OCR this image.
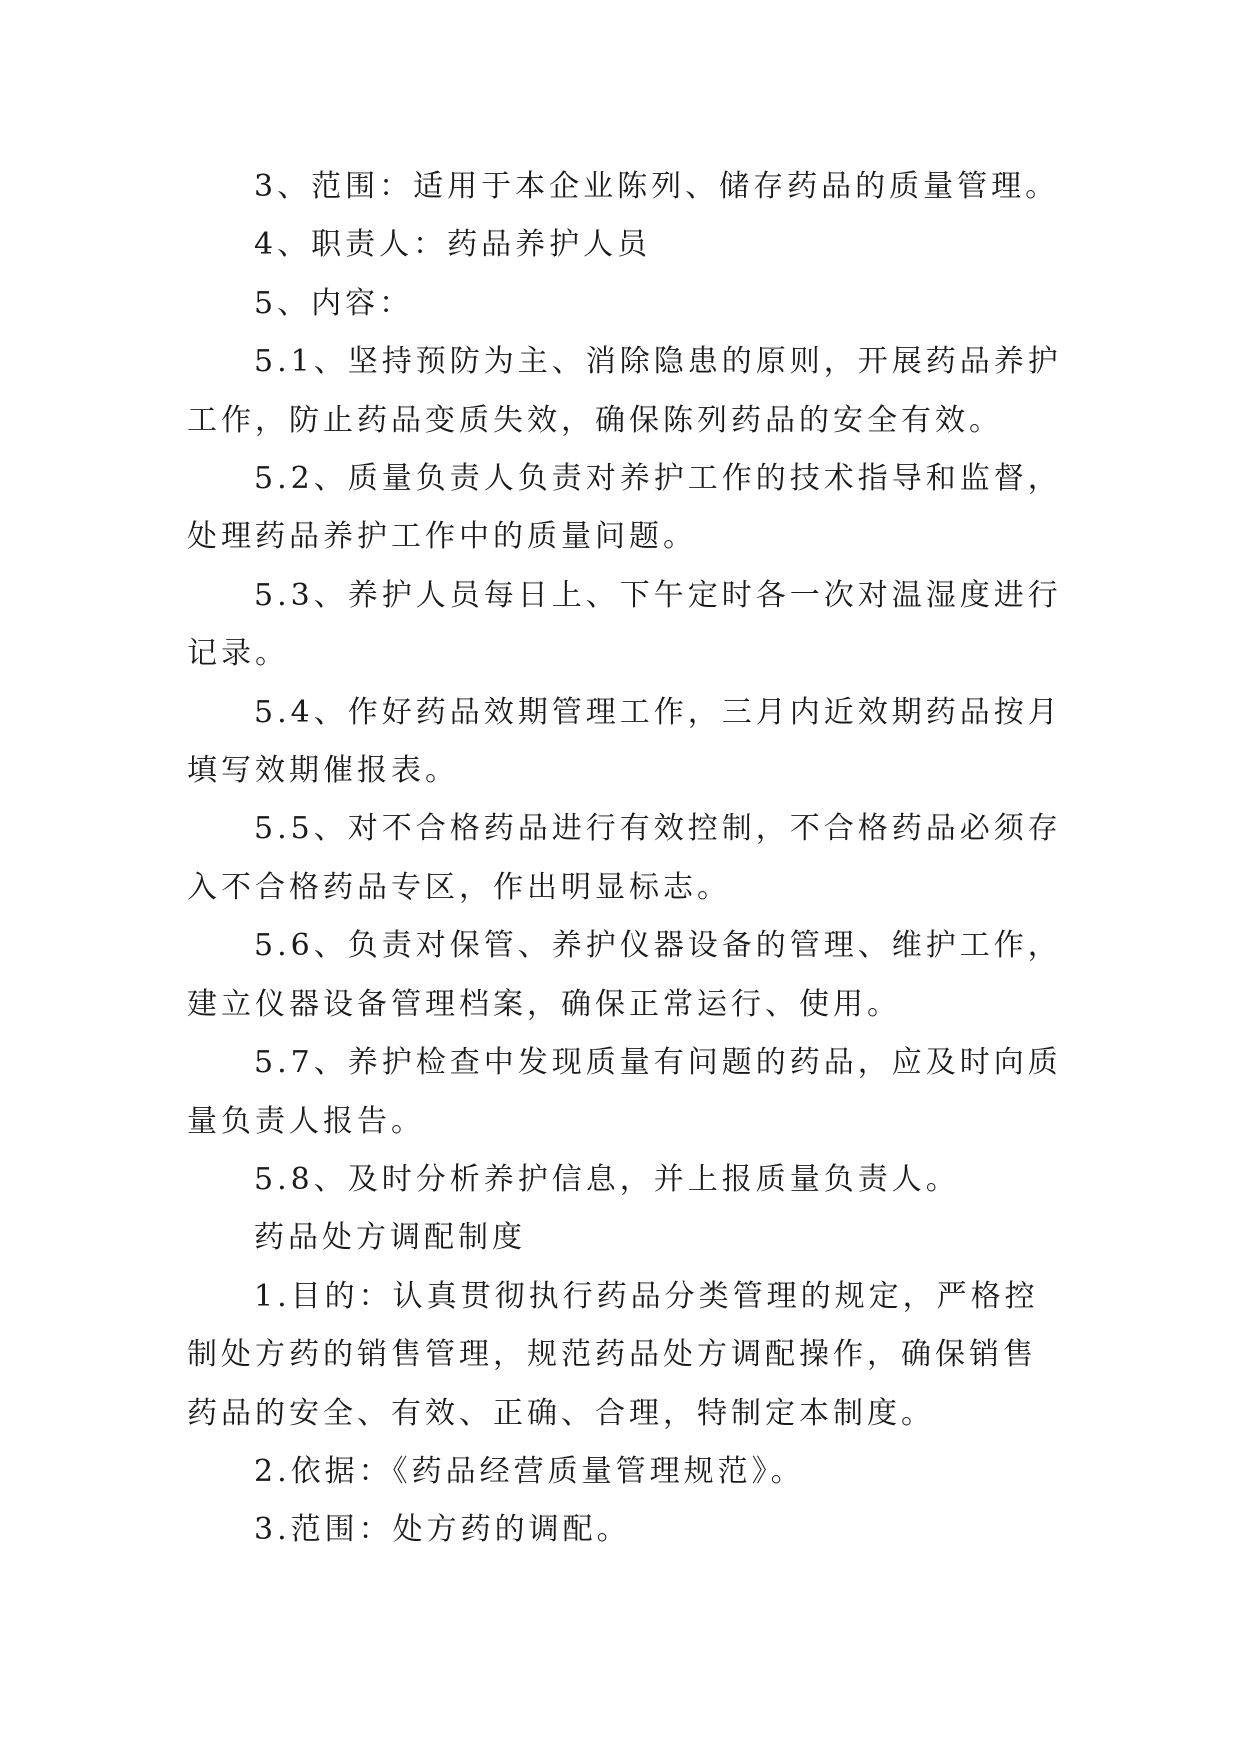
3、范围：适用于本企业陈列、储存药品的质量管理。

4、职责人：药品养护人员

5、内容：

5.1、坚持预防为主、消除隐患的原则，开展药品养护工作，防止药品变质失效，确保陈列药品的安全有效。

5.2、质量负责人负责对养护工作的技术指导和监督，处理药品养护工作中的质量问题。

5.3、养护人员每日上、下午定时各一次对温湿度进行记录。

5.4、作好药品效期管理工作，三月内近效期药品按月填写效期催报表。

5.5、对不合格药品进行有效控制，不合格药品必须存入不合格药品专区，作出明显标志。

5.6、负责对保管、养护仪器设备的管理、维护工作，建立仪器设备管理档案，确保正常运行、使用。

5.7、养护检查中发现质量有问题的药品，应及时向质量负责人报告。

5.8、及时分析养护信息，并上报质量负责人。

药品处方调配制度

1.目的：认真贯彻执行药品分类管理的规定，严格控制处方药的销售管理，规范药品处方调配操作，确保销售药品的安全、有效、正确、合理，特制定本制度。

2.依据：《药品经营质量管理规范》。

3.范围：处方药的调配。
